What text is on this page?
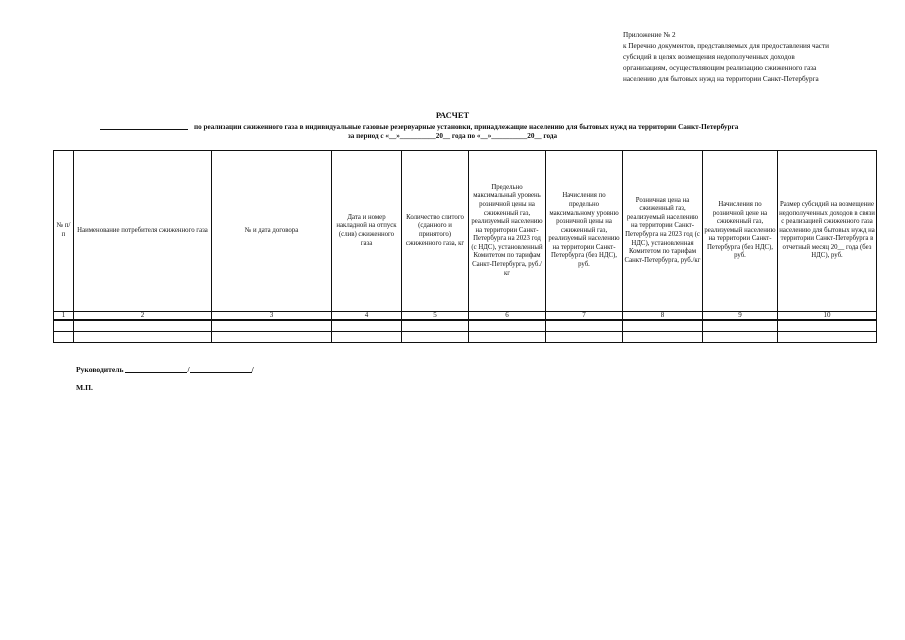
Приложение № 2
к Перечню документов, представляемых для предоставления части
субсидий в целях возмещения недополученных доходов
организациям, осуществляющим реализацию сжиженного газа
населению для бытовых нужд на территории Санкт-Петербурга
РАСЧЕТ
по реализации сжиженного газа в индивидуальные газовые резервуарные установки, принадлежащие населению для бытовых нужд на территории Санкт-Петербурга
за период с «__»__________20__ года по «__»__________20__ года
№ п/п	Наименование потребителя сжиженного газа	№ и дата договора	Дата и номер накладной на отпуск (слив) сжиженного газа	Количество слитого (сданного и принятого) сжиженного газа, кг	Предельно максимальный уровень розничной цены на сжиженный газ, реализуемый населению на территории Санкт-Петербурга на 2023 год (с НДС), установленный Комитетом по тарифам Санкт-Петербурга, руб./кг	Начисления по предельно максимальному уровню розничной цены на сжиженный газ, реализуемый населению на территории Санкт-Петербурга (без НДС), руб.	Розничная цена на сжиженный газ, реализуемый населению на территории Санкт-Петербурга на 2023 год (с НДС), установленная Комитетом по тарифам Санкт-Петербурга, руб./кг	Начисления по розничной цене на сжиженный газ, реализуемый населению на территории Санкт-Петербурга (без НДС), руб.	Размер субсидий на возмещение недополученных доходов в связи с реализацией сжиженного газа населению для бытовых нужд на территории Санкт-Петербурга в отчетный месяц 20__ года (без НДС), руб.
1	2	3	4	5	6	7	8	9	10

Руководитель	/	/
М.П.
